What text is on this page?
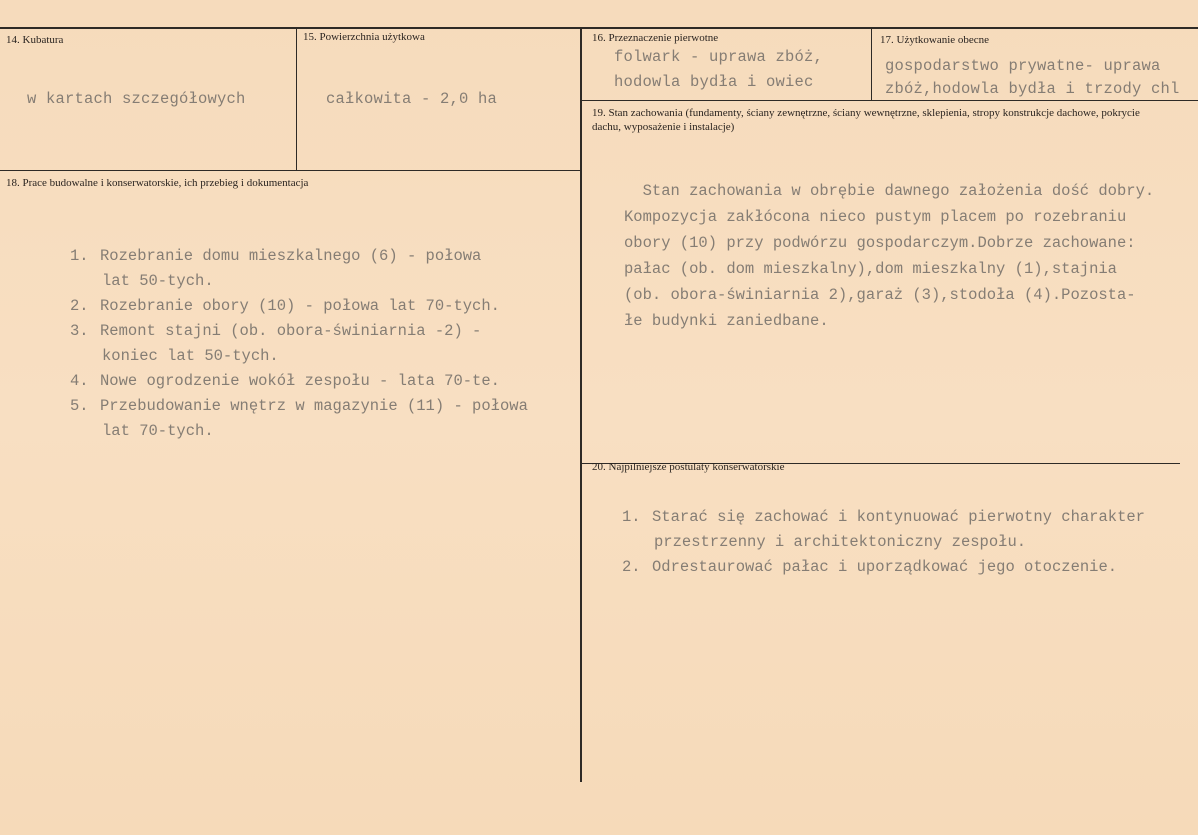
14. Kubatura
w kartach szczegółowych
15. Powierzchnia użytkowa
całkowita - 2,0 ha
16. Przeznaczenie pierwotne
folwark - uprawa zbóż,
hodowla bydła i owiec
17. Użytkowanie obecne
gospodarstwo prywatne- uprawa
zbóż,hodowla bydła i trzody chl
18. Prace budowalne i konserwatorskie, ich przebieg i dokumentacja
1. Rozebranie domu mieszkalnego (6) - połowa
lat 50-tych.
2. Rozebranie obory (10) - połowa lat 70-tych.
3. Remont stajni (ob. obora-świniarnia -2) -
koniec lat 50-tych.
4. Nowe ogrodzenie wokół zespołu - lata 70-te.
5. Przebudowanie wnętrz w magazynie (11) - połowa
lat 70-tych.
19. Stan zachowania (fundamenty, ściany zewnętrzne, ściany wewnętrzne, sklepienia, stropy konstrukcje dachowe, pokrycie dachu, wyposażenie i instalacje)
Stan zachowania w obrębie dawnego założenia dość dobry.
Kompozycja zakłócona nieco pustym placem po rozebraniu
obory (10) przy podwórzu gospodarczym.Dobrze zachowane:
pałac (ob. dom mieszkalny),dom mieszkalny (1),stajnia
(ob. obora-świniarnia 2),garaż (3),stodoła (4).Pozosta-
łe budynki zaniedbane.
20. Najpilniejsze postulaty konserwatorskie
1. Starać się zachować i kontynuować pierwotny charakter
przestrzenny i architektoniczny zespołu.
2. Odrestaurować pałac i uporządkować jego otoczenie.
